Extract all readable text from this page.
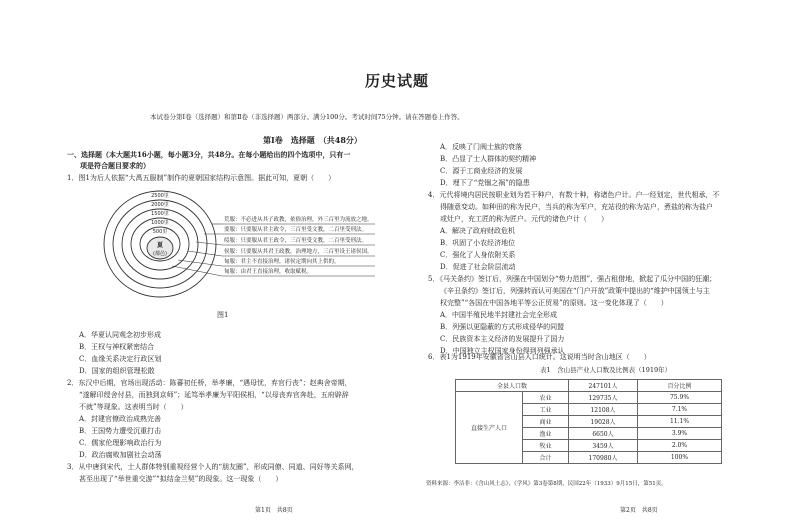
历史试题
本试卷分第Ⅰ卷（选择题）和第Ⅱ卷（非选择题）两部分。满分100分。考试时间75分钟。请在答题卷上作答。
第Ⅰ卷　选择题　（共48分）
一、选择题（本大题共16小题，每小题3分，共48分。在每小题给出的四个选项中，只有一
项是符合题目要求的）
1．图1为后人依据“大禹五服制”制作的夏朝国家结构示意图。据此可知，夏朝（　　）
2500里
2000里
1500里
1000里
500里
夏
(都邑)
荒服：不必进从其子政教，依俗治理，外三百里为流放之地。
要服：只要服从君主政令，三百里受文教，二百里受刑法。
绥服：只要服从君王政令，三百里受文教，二百里受刑法。
侯服：只要服从其君王政教，治理地方，三百里设王诸侯国。
甸服：君主不直接治理，诸侯定期向其上供的。
甸服：由君王直接治理，收取赋税。
图1
A．华夏认同观念初步形成
B．王权与神权紧密结合
C．血缘关系决定行政区划
D．国家的组织管理松散
2．东汉中后期，官场出现活动：陈蕃初任桥，举孝廉，“遇母忧，弃官行丧”；赵典舍帝期，
“遂解印绶舍付县，而独到京师”；延笃举孝廉为平阳侯相，“以母丧弃官奔赴，五府辟辞
不就”等现象。这表明当时（　　）
A．封建官僚政治成熟完善
B．王国势力遭受沉重打击
C．儒家伦理影响政治行为
D．政治腐败加剧社会动荡
3．从中唐到宋代，士人群体特别重视经营个人的“朋友圈”，形成同僚、同道、同好等关系网，
甚至出现了“举世重交游”“拟结金兰契”的现象。这一现象（　　）
第1页　共8页
A．反映了门阀士族的衰落
B．凸显了士人群体的契约精神
C．源于工商业经济的发展
D．埋下了“党锢之祸”的隐患
4．元代将境内居民按职业划为若干种户，有数十种，称诸色户计。户一经划定，世代相承，不
得随意变动。如种田的称为民户，当兵的称为军户，充站役的称为站户，煮盐的称为盐户
或灶户，充工匠的称为匠户。元代的诸色户计（　　）
A．解决了政府财政危机
B．巩固了小农经济地位
C．强化了人身依附关系
D．促进了社会阶层流动
5．《马关条约》签订后，列强在中国划分“势力范围”，强占租借地，掀起了瓜分中国的狂潮；
《辛丑条约》签订后，列强转而认可美国在“门户开放”政策中提出的“维护中国领土与主
权完整”“各国在中国各地平等公正贸易”的原则。这一变化体现了（　　）
A．中国半殖民地半封建社会完全形成
B．列强以更隐蔽的方式形成侵华的同盟
C．民族资本主义经济的发展提升了国力
D．中国独立主权国家身份得到列强承认
6．表1为1919年安徽省含山县人口统计。这说明当时含山地区（　　）
表1　含山县产业人口数及比例表（1919年）
全县人口数		247101人	百分比例
直接生产人口	农业	129735人	75.9%
	工业	12108人	7.1%
	商业	19028人	11.1%
	渔业	6650人	3.9%
	牧业	3459人	2.0%
	合计	170980人	100%
资料来源：李洁非：《含山风土志》，《学风》第3卷第8期，民国22年（1933）9月15日，第51页。
第2页　共8页
